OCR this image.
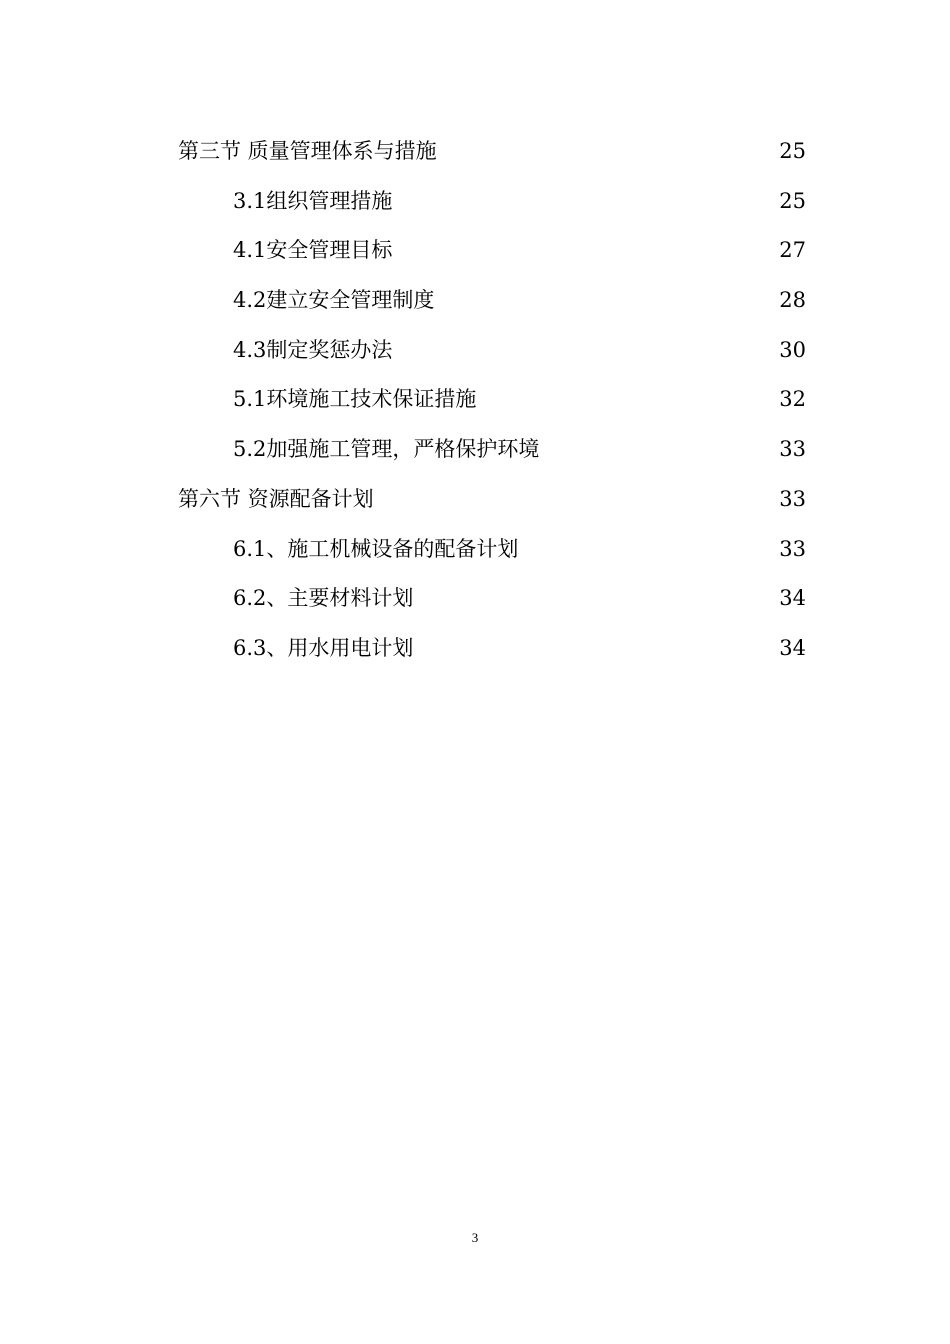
第三节 质量管理体系与措施	25
3.1组织管理措施	25
4.1安全管理目标	27
4.2建立安全管理制度	28
4.3制定奖惩办法	30
5.1环境施工技术保证措施	32
5.2加强施工管理，严格保护环境	33
第六节 资源配备计划	33
6.1、施工机械设备的配备计划	33
6.2、主要材料计划	34
6.3、用水用电计划	34
3
